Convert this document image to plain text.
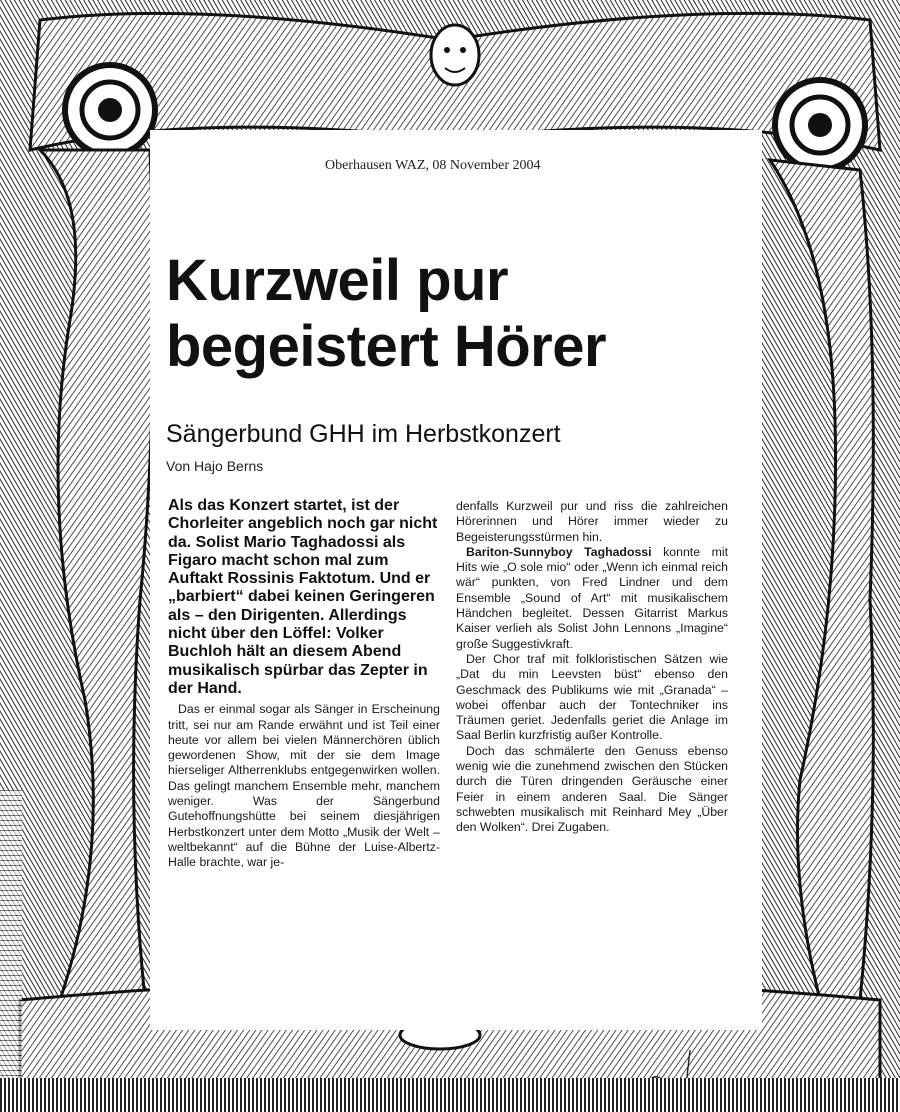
Oberhausen WAZ, 08 November 2004
Kurzweil pur
begeistert Hörer
Sängerbund GHH im Herbstkonzert
Von Hajo Berns

Als das Konzert startet, ist der Chorleiter angeblich noch gar nicht da. Solist Mario Taghadossi als Figaro macht schon mal zum Auftakt Rossinis Faktotum. Und er „barbiert“ dabei keinen Geringeren als – den Dirigenten. Allerdings nicht über den Löffel: Volker Buchloh hält an diesem Abend musikalisch spürbar das Zepter in der Hand.

Das er einmal sogar als Sänger in Erscheinung tritt, sei nur am Rande erwähnt und ist Teil einer heute vor allem bei vielen Männerchören üblich gewordenen Show, mit der sie dem Image hierseliger Altherrenklubs entgegenwirken wollen. Das gelingt manchem Ensemble mehr, manchem weniger. Was der Sängerbund Gutehoffnungshütte bei seinem diesjährigen Herbstkonzert unter dem Motto „Musik der Welt – weltbekannt“ auf die Bühne der Luise-Albertz-Halle brachte, war je-

denfalls Kurzweil pur und riss die zahlreichen Hörerinnen und Hörer immer wieder zu Begeisterungsstürmen hin.

Bariton-Sunnyboy Taghadossi konnte mit Hits wie „O sole mio“ oder „Wenn ich einmal reich wär“ punkten, von Fred Lindner und dem Ensemble „Sound of Art“ mit musikalischem Händchen begleitet. Dessen Gitarrist Markus Kaiser verlieh als Solist John Lennons „Imagine“ große Suggestivkraft.

Der Chor traf mit folkloristischen Sätzen wie „Dat du min Leevsten büst“ ebenso den Geschmack des Publikums wie mit „Granada“ – wobei offenbar auch der Tontechniker ins Träumen geriet. Jedenfalls geriet die Anlage im Saal Berlin kurzfristig außer Kontrolle.

Doch das schmälerte den Genuss ebenso wenig wie die zunehmend zwischen den Stücken durch die Türen dringenden Geräusche einer Feier in einem anderen Saal. Die Sänger schwebten musikalisch mit Reinhard Mey „Über den Wolken“. Drei Zugaben.
